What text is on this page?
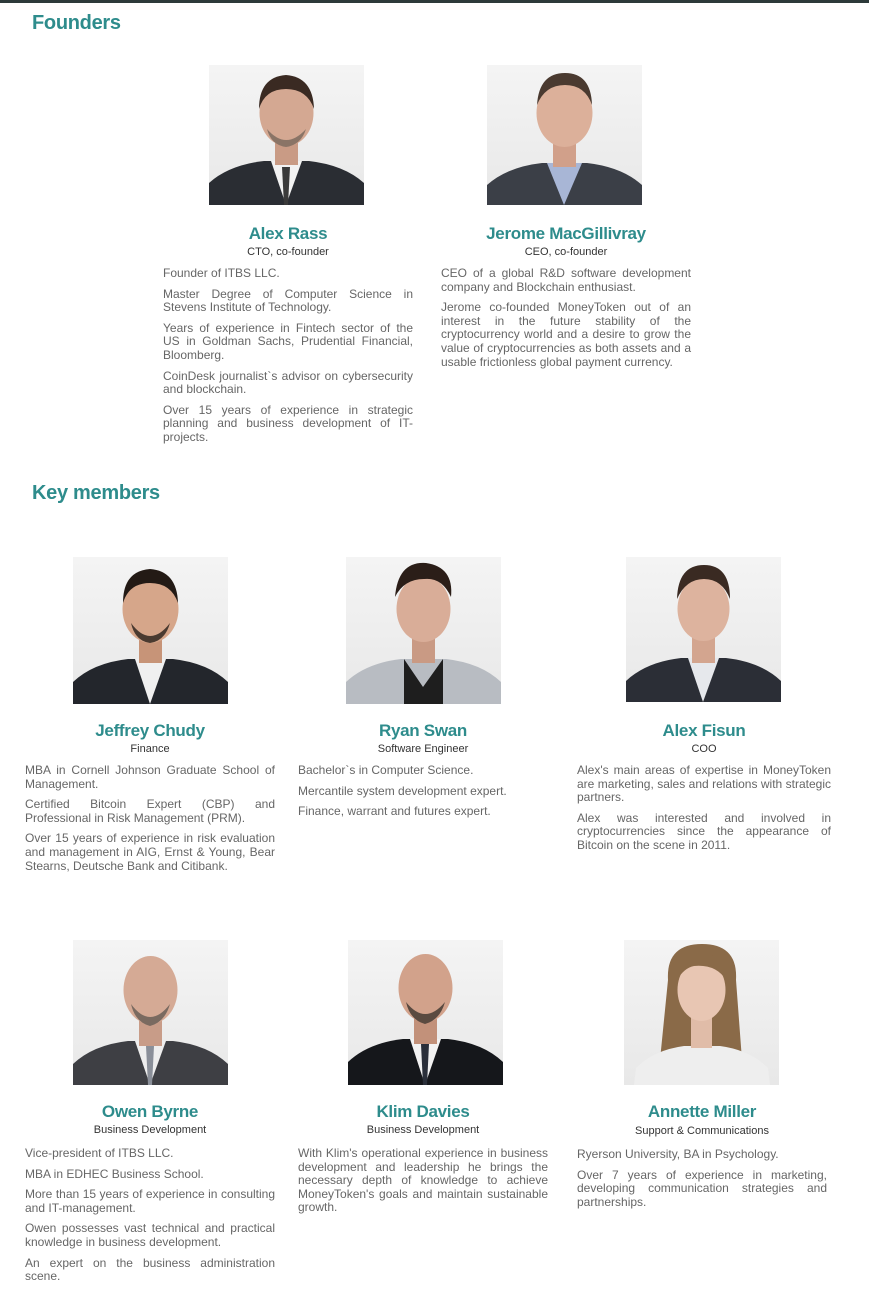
Founders
Key members

Alex Rass

CTO, co-founder

Founder of ITBS LLC.
Master Degree of Computer Science in Stevens Institute of Technology.
Years of experience in Fintech sector of the US in Goldman Sachs, Prudential Financial, Bloomberg.
CoinDesk journalist`s advisor on cybersecurity and blockchain.
Over 15 years of experience in strategic planning and business development of IT-projects.

Jerome MacGillivray

CEO, co-founder

CEO of a global R&D software development company and Blockchain enthusiast.
Jerome co-founded MoneyToken out of an interest in the future stability of the cryptocurrency world and a desire to grow the value of cryptocurrencies as both assets and a usable frictionless global payment currency.

Jeffrey Chudy

Finance

MBA in Cornell Johnson Graduate School of Management.
Certified Bitcoin Expert (CBP) and Professional in Risk Management (PRM).
Over 15 years of experience in risk evaluation and management in AIG, Ernst & Young, Bear Stearns, Deutsche Bank and Citibank.

Ryan Swan

Software Engineer

Bachelor`s in Computer Science.
Mercantile system development expert.
Finance, warrant and futures expert.

Alex Fisun

COO

Alex's main areas of expertise in MoneyToken are marketing, sales and relations with strategic partners.
Alex was interested and involved in cryptocurrencies since the appearance of Bitcoin on the scene in 2011.

Owen Byrne

Business Development

Vice-president of ITBS LLC.
MBA in EDHEC Business School.
More than 15 years of experience in consulting and IT-management.
Owen possesses vast technical and practical knowledge in business development.
An expert on the business administration scene.

Klim Davies

Business Development

With Klim's operational experience in business development and leadership he brings the necessary depth of knowledge to achieve MoneyToken's goals and maintain sustainable growth.

Annette Miller

Support & Communications

Ryerson University, BA in Psychology.
Over 7 years of experience in marketing, developing communication strategies and partnerships.
